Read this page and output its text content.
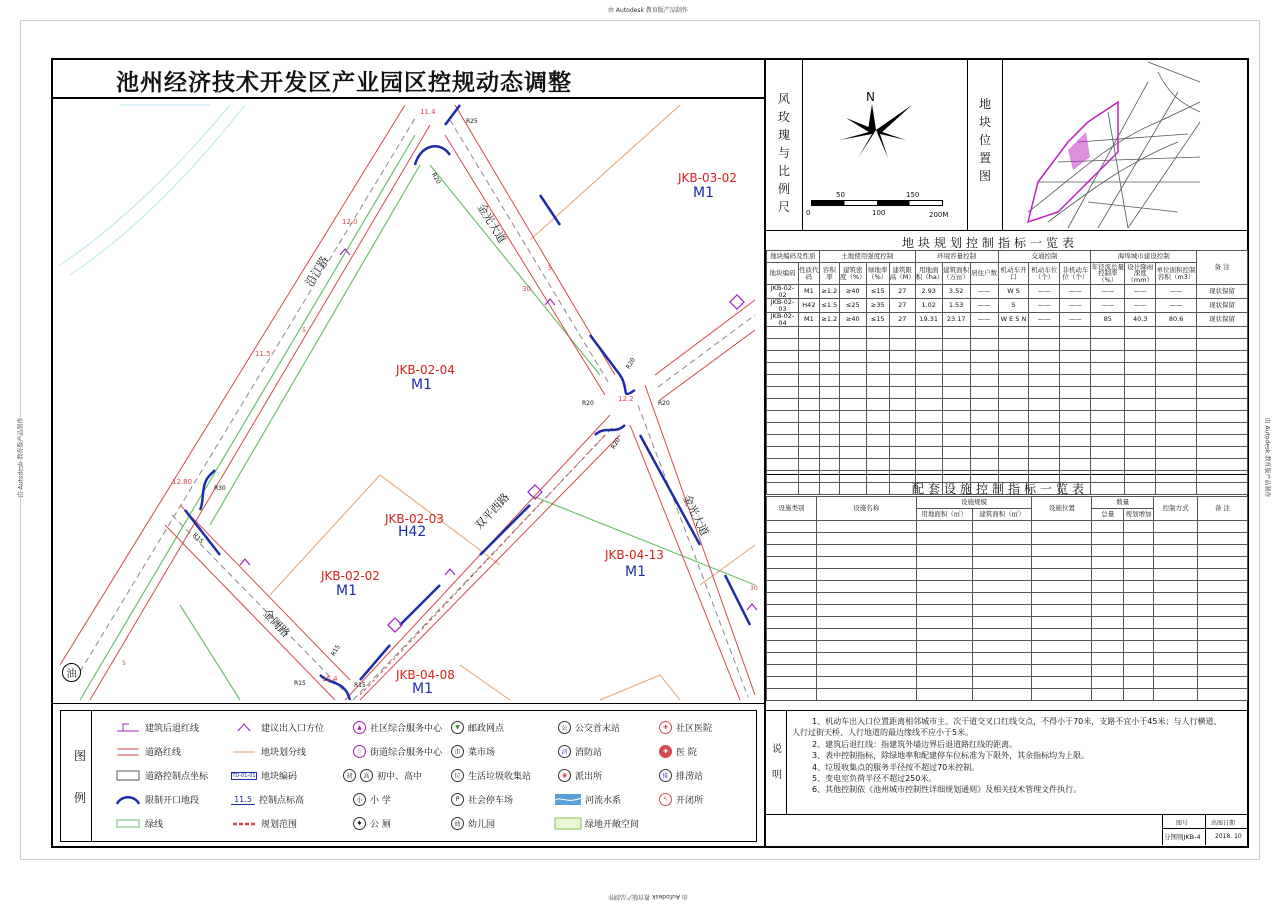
由 Autodesk 教育版产品制作
由 Autodesk 教育版产品制作
由 Autodesk 教育版产品制作	由 Autodesk 教育版产品制作
池州经济技术开发区产业园区控规动态调整
沿江路
金光大道
双平西路
金阊路
金光大道
11.4
12.0
11.5
12.80
12.2
15.4
30
R25
R20
R20	R20
R20
R30
R15
R15
R15	R15
R20
5
5
5
30
油
JKB-03-02
M1
JKB-02-04
M1
JKB-02-03
H42
JKB-02-02
M1
JKB-04-13
M1
JKB-04-08
M1
图
例
建筑后退红线
道路红线
道路控制点坐标
限制开口地段
绿线
建议出入口方位
地块划分线
TD-01-01 地块编码
11.5 控制点标高
规划范围
▲ 社区综合服务中心
☆ 街道综合服务中心
初	高 初中、高中
小 小 学
♦ 公 厕
▼ 邮政网点
市 菜市场
垃 生活垃圾收集站
P 社会停车场
幼 幼儿园
公 公交首末站
消 消防站
◉ 派出所
河流水系
绿地开敞空间
✚ 社区医院
✚ 医 院
排 排涝站
ϟ 开闭所
风玫瑰与比例尺
地块位置图
N
0
50
100
150
200M
地块规划控制指标一览表
地块编码及性质		土地使用强度控制				环境容量控制			交通控制			海绵城市建设控制			备 注
地块编码	性质代码	容积率	建筑密度（%）	绿地率（%）	建筑限高（M）	用地面积（ha）	建筑面积（万㎡）	居住户数	机动车开口	机动车位（个）	非机动车位（个）	年径流总量控制率（%）	设计降雨深度（mm）	单位面积控制容积（m3）	
JKB-02-02	M1	≥1.2	≥40	≤15	27	2.93	3.52	——	W S	——	——	——	——	——	现状保留
JKB-02-03	H42	≤1.5	≤25	≥35	27	1.02	1.53	——	S	——	——	——	——	——	现状保留
JKB-02-04	M1	≥1.2	≥40	≤15	27	19.31	23.17	——	W E S N	——	——	85	40.3	80.6	现状保留

配套设施控制指标一览表
设施类别	设施名称	设施规模		设施位置	数量		控制方式	备 注
		用地面积（㎡）	建筑面积（㎡）		总量	规划增加		

说明
1、机动车出入口位置距离相邻城市主、次干道交叉口红线交点，不得小于70米，支路不宜小于45米；与人行横道、
人行过街天桥、人行地道的最边缘线不应小于5米。
2、建筑后退红线：指建筑外墙边界后退道路红线的距离。
3、表中控制指标，除绿地率和配建停车位标准为下限外，其余指标均为上限。
4、垃圾收集点的服务半径按不超过70米控制。
5、变电室负荷半径不超过250米。
6、其他控制依《池州城市控制性详细规划通则》及相关技术管理文件执行。
图号	出图日期
分图则JKB-4 2018. 10
